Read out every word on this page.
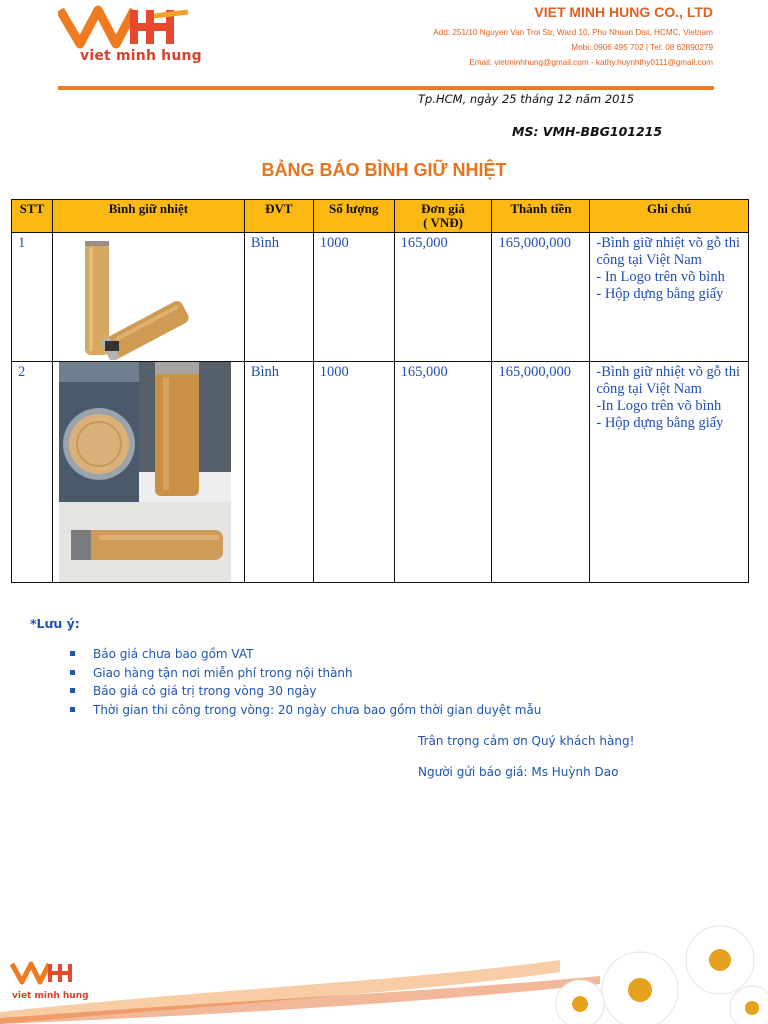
viet minh hung
VIET MINH HUNG CO., LTD
Add: 251/10 Nguyen Van Troi Str, Ward 10, Phu Nhuan Dist, HCMC, Vietnam
Mobi: 0906 495 702 | Tel: 08 62890279
Email: vietminhhung@gmail.com - kathy.huynhthy0111@gmail.com
Tp.HCM, ngày 25 tháng 12 năm 2015
MS: VMH-BBG101215
BẢNG BÁO BÌNH GIỮ NHIỆT
STT	Bình giữ nhiệt	ĐVT	Số lượng	Đơn giá
( VNĐ)	Thành tiền	Ghi chú
1		Bình	1000	165,000	165,000,000	-Bình giữ nhiệt võ gỗ thi công tại Việt Nam
- In Logo trên võ bình
- Hộp dựng bằng giấy

2		Bình	1000	165,000	165,000,000	-Bình giữ nhiệt võ gỗ thi công tại Việt Nam
-In Logo trên võ bình
- Hộp dựng bằng giấy
*Lưu ý:
Báo giá chưa bao gồm VAT
Giao hàng tận nơi miễn phí trong nội thành
Báo giá có giá trị trong vòng 30 ngày
Thời gian thi công trong vòng: 20 ngày chưa bao gồm thời gian duyệt mẫu
Trân trọng cảm ơn Quý khách hàng!
Người gửi báo giá: Ms Huỳnh Dao
viet minh hung
